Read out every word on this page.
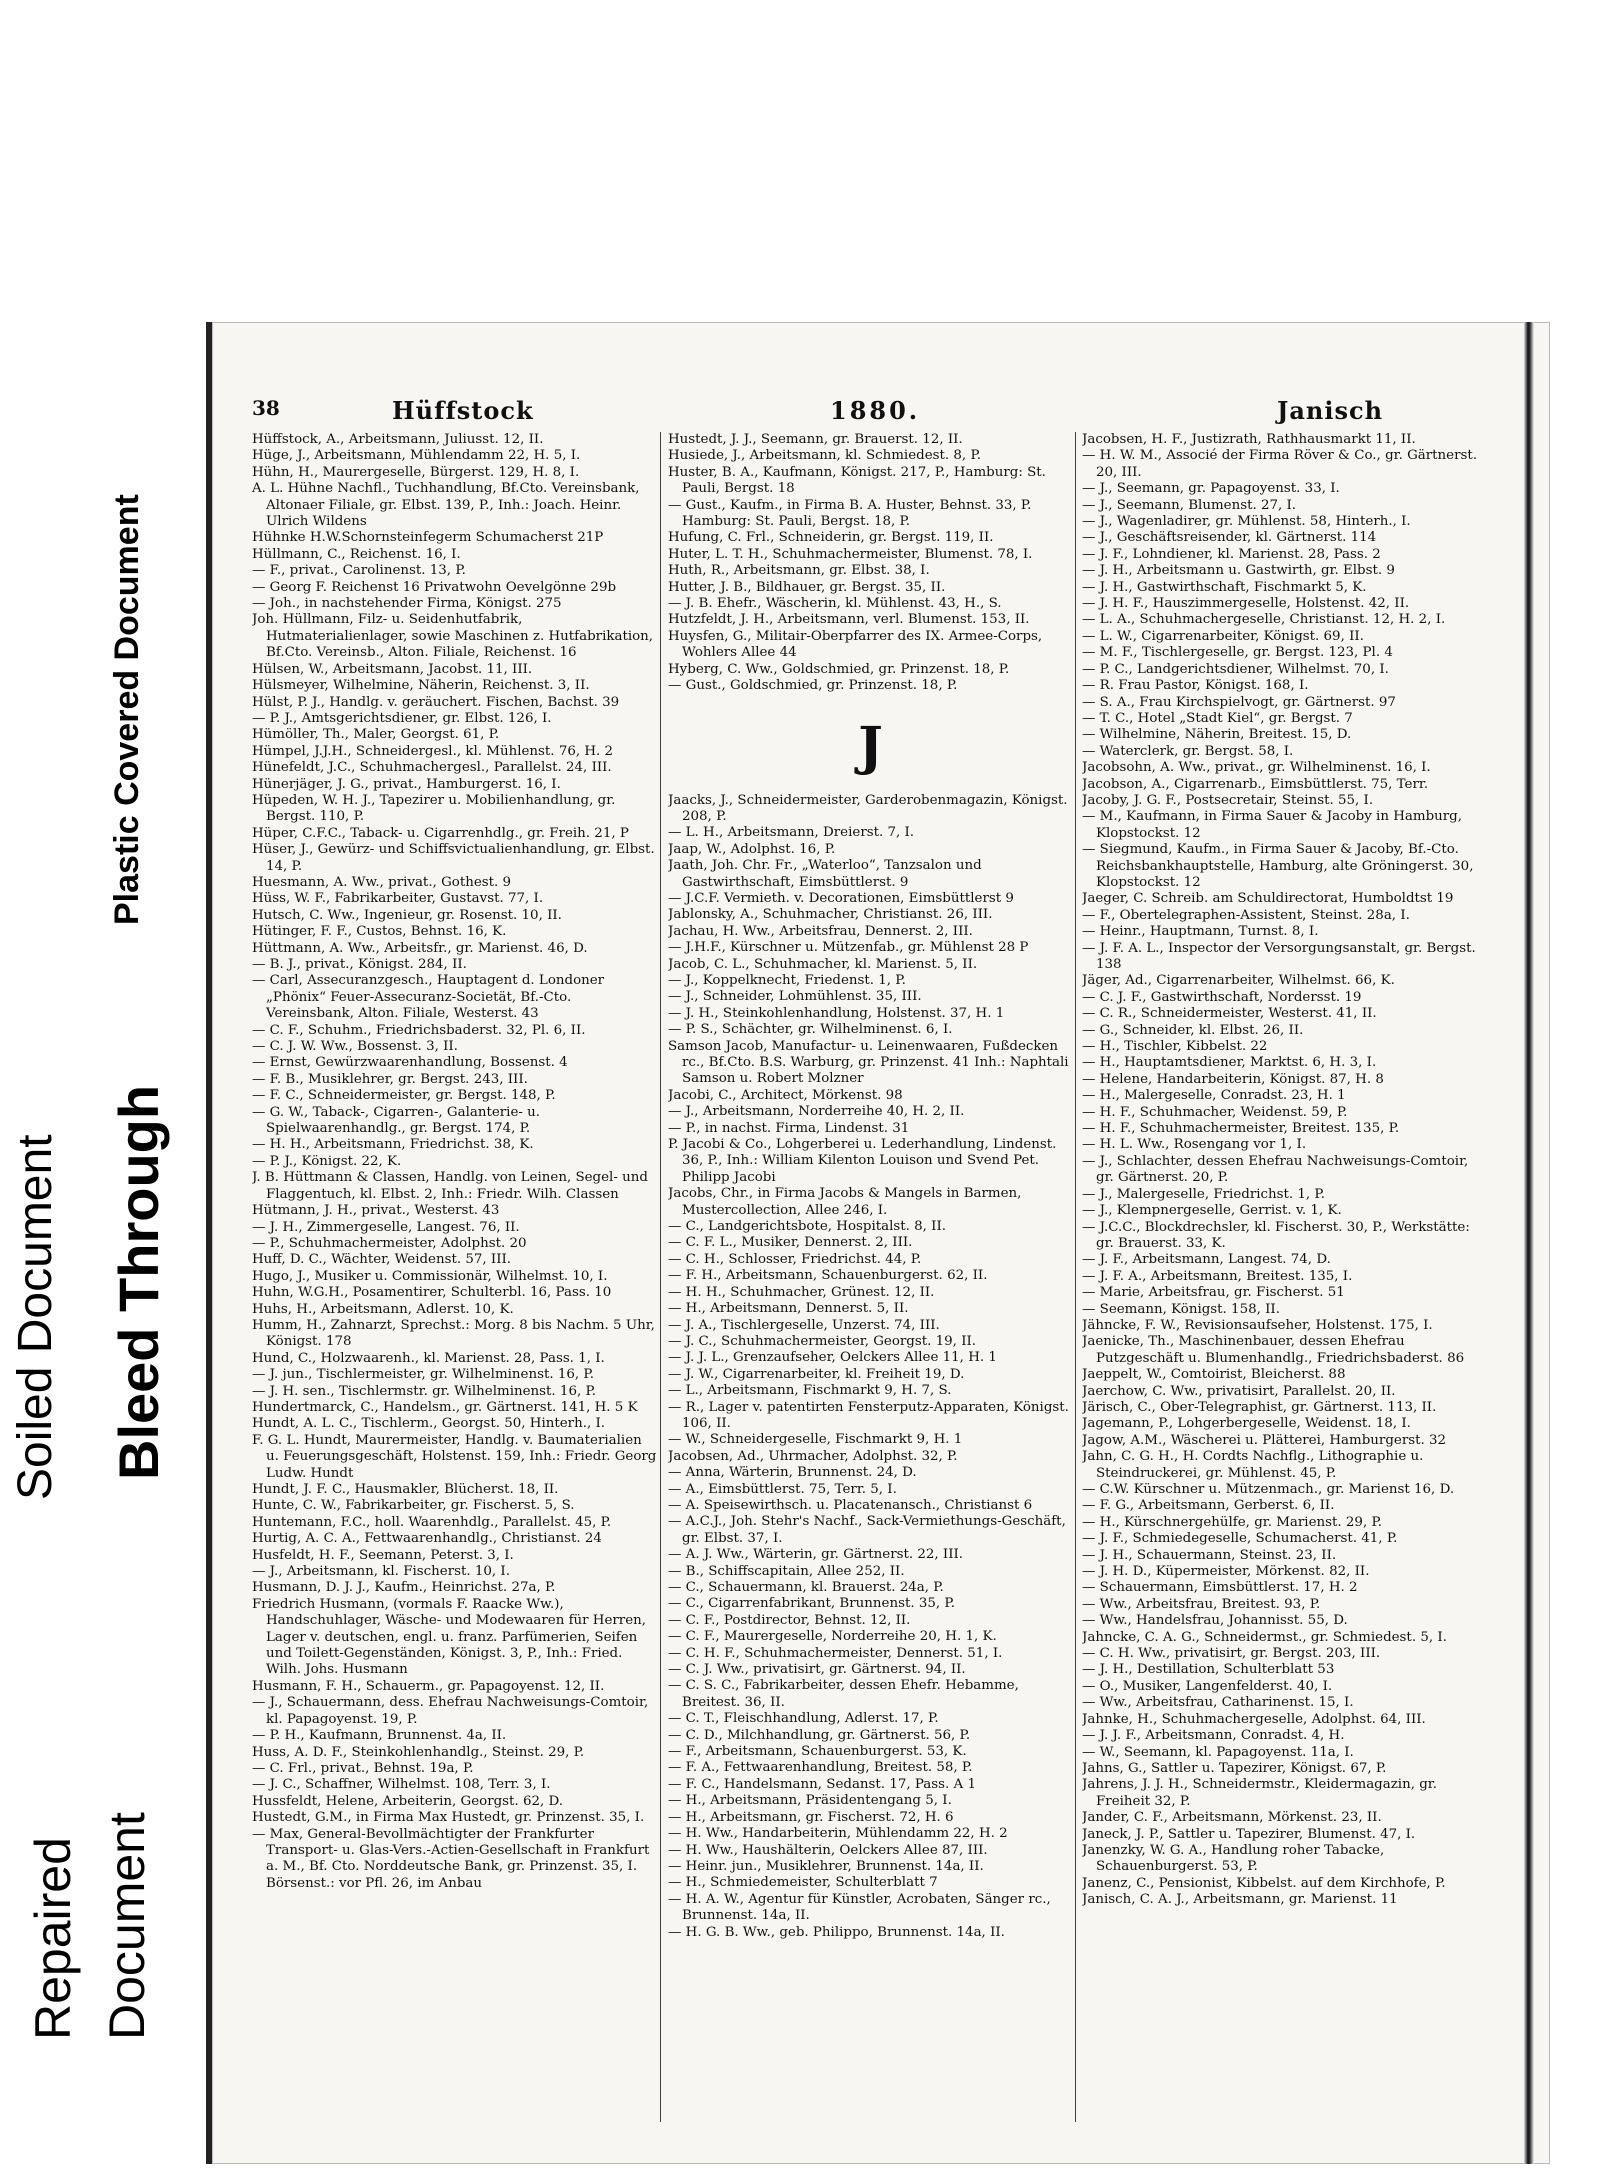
Plastic Covered Document
Soiled Document Bleed Through
Repaired Document
38	Hüffstock	1880.	Janisch

Hüffstock, A., Arbeitsmann, Juliusst. 12, II.

Hüge, J., Arbeitsmann, Mühlendamm 22, H. 5, I.

Hühn, H., Maurergeselle, Bürgerst. 129, H. 8, I.

A. L. Hühne Nachfl., Tuchhandlung, Bf.Cto. Vereinsbank, Altonaer Filiale, gr. Elbst. 139, P., Inh.: Joach. Heinr. Ulrich Wildens

Hühnke H.W.Schornsteinfegerm Schumacherst 21P

Hüllmann, C., Reichenst. 16, I.

— F., privat., Carolinenst. 13, P.

— Georg F. Reichenst 16 Privatwohn Oevelgönne 29b

— Joh., in nachstehender Firma, Königst. 275

Joh. Hüllmann, Filz- u. Seidenhutfabrik, Hutmaterialienlager, sowie Maschinen z. Hutfabrikation, Bf.Cto. Vereinsb., Alton. Filiale, Reichenst. 16

Hülsen, W., Arbeitsmann, Jacobst. 11, III.

Hülsmeyer, Wilhelmine, Näherin, Reichenst. 3, II.

Hülst, P. J., Handlg. v. geräuchert. Fischen, Bachst. 39

— P. J., Amtsgerichtsdiener, gr. Elbst. 126, I.

Hümöller, Th., Maler, Georgst. 61, P.

Hümpel, J.J.H., Schneidergesl., kl. Mühlenst. 76, H. 2

Hünefeldt, J.C., Schuhmachergesl., Parallelst. 24, III.

Hünerjäger, J. G., privat., Hamburgerst. 16, I.

Hüpeden, W. H. J., Tapezirer u. Mobilienhandlung, gr. Bergst. 110, P.

Hüper, C.F.C., Taback- u. Cigarrenhdlg., gr. Freih. 21, P

Hüser, J., Gewürz- und Schiffsvictualienhandlung, gr. Elbst. 14, P.

Huesmann, A. Ww., privat., Gothest. 9

Hüss, W. F., Fabrikarbeiter, Gustavst. 77, I.

Hutsch, C. Ww., Ingenieur, gr. Rosenst. 10, II.

Hütinger, F. F., Custos, Behnst. 16, K.

Hüttmann, A. Ww., Arbeitsfr., gr. Marienst. 46, D.

— B. J., privat., Königst. 284, II.

— Carl, Assecuranzgesch., Hauptagent d. Londoner „Phönix“ Feuer-Assecuranz-Societät, Bf.-Cto. Vereinsbank, Alton. Filiale, Westerst. 43

— C. F., Schuhm., Friedrichsbaderst. 32, Pl. 6, II.

— C. J. W. Ww., Bossenst. 3, II.

— Ernst, Gewürzwaarenhandlung, Bossenst. 4

— F. B., Musiklehrer, gr. Bergst. 243, III.

— F. C., Schneidermeister, gr. Bergst. 148, P.

— G. W., Taback-, Cigarren-, Galanterie- u. Spielwaarenhandlg., gr. Bergst. 174, P.

— H. H., Arbeitsmann, Friedrichst. 38, K.

— P. J., Königst. 22, K.

J. B. Hüttmann & Classen, Handlg. von Leinen, Segel- und Flaggentuch, kl. Elbst. 2, Inh.: Friedr. Wilh. Classen

Hütmann, J. H., privat., Westerst. 43

— J. H., Zimmergeselle, Langest. 76, II.

— P., Schuhmachermeister, Adolphst. 20

Huff, D. C., Wächter, Weidenst. 57, III.

Hugo, J., Musiker u. Commissionär, Wilhelmst. 10, I.

Huhn, W.G.H., Posamentirer, Schulterbl. 16, Pass. 10

Huhs, H., Arbeitsmann, Adlerst. 10, K.

Humm, H., Zahnarzt, Sprechst.: Morg. 8 bis Nachm. 5 Uhr, Königst. 178

Hund, C., Holzwaarenh., kl. Marienst. 28, Pass. 1, I.

— J. jun., Tischlermeister, gr. Wilhelminenst. 16, P.

— J. H. sen., Tischlermstr. gr. Wilhelminenst. 16, P.

Hundertmarck, C., Handelsm., gr. Gärtnerst. 141, H. 5 K

Hundt, A. L. C., Tischlerm., Georgst. 50, Hinterh., I.

F. G. L. Hundt, Maurermeister, Handlg. v. Baumaterialien u. Feuerungsgeschäft, Holstenst. 159, Inh.: Friedr. Georg Ludw. Hundt

Hundt, J. F. C., Hausmakler, Blücherst. 18, II.

Hunte, C. W., Fabrikarbeiter, gr. Fischerst. 5, S.

Huntemann, F.C., holl. Waarenhdlg., Parallelst. 45, P.

Hurtig, A. C. A., Fettwaarenhandlg., Christianst. 24

Husfeldt, H. F., Seemann, Peterst. 3, I.

— J., Arbeitsmann, kl. Fischerst. 10, I.

Husmann, D. J. J., Kaufm., Heinrichst. 27a, P.

Friedrich Husmann, (vormals F. Raacke Ww.), Handschuhlager, Wäsche- und Modewaaren für Herren, Lager v. deutschen, engl. u. franz. Parfümerien, Seifen und Toilett-Gegenständen, Königst. 3, P., Inh.: Fried. Wilh. Johs. Husmann

Husmann, F. H., Schauerm., gr. Papagoyenst. 12, II.

— J., Schauermann, dess. Ehefrau Nachweisungs-Comtoir, kl. Papagoyenst. 19, P.

— P. H., Kaufmann, Brunnenst. 4a, II.

Huss, A. D. F., Steinkohlenhandlg., Steinst. 29, P.

— C. Frl., privat., Behnst. 19a, P.

— J. C., Schaffner, Wilhelmst. 108, Terr. 3, I.

Hussfeldt, Helene, Arbeiterin, Georgst. 62, D.

Hustedt, G.M., in Firma Max Hustedt, gr. Prinzenst. 35, I.

— Max, General-Bevollmächtigter der Frankfurter Transport- u. Glas-Vers.-Actien-Gesellschaft in Frankfurt a. M., Bf. Cto. Norddeutsche Bank, gr. Prinzenst. 35, I. Börsenst.: vor Pfl. 26, im Anbau

Hustedt, J. J., Seemann, gr. Brauerst. 12, II.

Husiede, J., Arbeitsmann, kl. Schmiedest. 8, P.

Huster, B. A., Kaufmann, Königst. 217, P., Hamburg: St. Pauli, Bergst. 18

— Gust., Kaufm., in Firma B. A. Huster, Behnst. 33, P. Hamburg: St. Pauli, Bergst. 18, P.

Hufung, C. Frl., Schneiderin, gr. Bergst. 119, II.

Huter, L. T. H., Schuhmachermeister, Blumenst. 78, I.

Huth, R., Arbeitsmann, gr. Elbst. 38, I.

Hutter, J. B., Bildhauer, gr. Bergst. 35, II.

— J. B. Ehefr., Wäscherin, kl. Mühlenst. 43, H., S.

Hutzfeldt, J. H., Arbeitsmann, verl. Blumenst. 153, II.

Huysfen, G., Militair-Oberpfarrer des IX. Armee-Corps, Wohlers Allee 44

Hyberg, C. Ww., Goldschmied, gr. Prinzenst. 18, P.

— Gust., Goldschmied, gr. Prinzenst. 18, P.

J

Jaacks, J., Schneidermeister, Garderobenmagazin, Königst. 208, P.

— L. H., Arbeitsmann, Dreierst. 7, I.

Jaap, W., Adolphst. 16, P.

Jaath, Joh. Chr. Fr., „Waterloo“, Tanzsalon und Gastwirthschaft, Eimsbüttlerst. 9

— J.C.F. Vermieth. v. Decorationen, Eimsbüttlerst 9

Jablonsky, A., Schuhmacher, Christianst. 26, III.

Jachau, H. Ww., Arbeitsfrau, Dennerst. 2, III.

— J.H.F., Kürschner u. Mützenfab., gr. Mühlenst 28 P

Jacob, C. L., Schuhmacher, kl. Marienst. 5, II.

— J., Koppelknecht, Friedenst. 1, P.

— J., Schneider, Lohmühlenst. 35, III.

— J. H., Steinkohlenhandlung, Holstenst. 37, H. 1

— P. S., Schächter, gr. Wilhelminenst. 6, I.

Samson Jacob, Manufactur- u. Leinenwaaren, Fußdecken rc., Bf.Cto. B.S. Warburg, gr. Prinzenst. 41 Inh.: Naphtali Samson u. Robert Molzner

Jacobi, C., Architect, Mörkenst. 98

— J., Arbeitsmann, Norderreihe 40, H. 2, II.

— P., in nachst. Firma, Lindenst. 31

P. Jacobi & Co., Lohgerberei u. Lederhandlung, Lindenst. 36, P., Inh.: William Kilenton Louison und Svend Pet. Philipp Jacobi

Jacobs, Chr., in Firma Jacobs & Mangels in Barmen, Mustercollection, Allee 246, I.

— C., Landgerichtsbote, Hospitalst. 8, II.

— C. F. L., Musiker, Dennerst. 2, III.

— C. H., Schlosser, Friedrichst. 44, P.

— F. H., Arbeitsmann, Schauenburgerst. 62, II.

— H. H., Schuhmacher, Grünest. 12, II.

— H., Arbeitsmann, Dennerst. 5, II.

— J. A., Tischlergeselle, Unzerst. 74, III.

— J. C., Schuhmachermeister, Georgst. 19, II.

— J. J. L., Grenzaufseher, Oelckers Allee 11, H. 1

— J. W., Cigarrenarbeiter, kl. Freiheit 19, D.

— L., Arbeitsmann, Fischmarkt 9, H. 7, S.

— R., Lager v. patentirten Fensterputz-Apparaten, Königst. 106, II.

— W., Schneidergeselle, Fischmarkt 9, H. 1

Jacobsen, Ad., Uhrmacher, Adolphst. 32, P.

— Anna, Wärterin, Brunnenst. 24, D.

— A., Eimsbüttlerst. 75, Terr. 5, I.

— A. Speisewirthsch. u. Placatenansch., Christianst 6

— A.C.J., Joh. Stehr's Nachf., Sack-Vermiethungs-Geschäft, gr. Elbst. 37, I.

— A. J. Ww., Wärterin, gr. Gärtnerst. 22, III.

— B., Schiffscapitain, Allee 252, II.

— C., Schauermann, kl. Brauerst. 24a, P.

— C., Cigarrenfabrikant, Brunnenst. 35, P.

— C. F., Postdirector, Behnst. 12, II.

— C. F., Maurergeselle, Norderreihe 20, H. 1, K.

— C. H. F., Schuhmachermeister, Dennerst. 51, I.

— C. J. Ww., privatisirt, gr. Gärtnerst. 94, II.

— C. S. C., Fabrikarbeiter, dessen Ehefr. Hebamme, Breitest. 36, II.

— C. T., Fleischhandlung, Adlerst. 17, P.

— C. D., Milchhandlung, gr. Gärtnerst. 56, P.

— F., Arbeitsmann, Schauenburgerst. 53, K.

— F. A., Fettwaarenhandlung, Breitest. 58, P.

— F. C., Handelsmann, Sedanst. 17, Pass. A 1

— H., Arbeitsmann, Präsidentengang 5, I.

— H., Arbeitsmann, gr. Fischerst. 72, H. 6

— H. Ww., Handarbeiterin, Mühlendamm 22, H. 2

— H. Ww., Haushälterin, Oelckers Allee 87, III.

— Heinr. jun., Musiklehrer, Brunnenst. 14a, II.

— H., Schmiedemeister, Schulterblatt 7

— H. A. W., Agentur für Künstler, Acrobaten, Sänger rc., Brunnenst. 14a, II.

— H. G. B. Ww., geb. Philippo, Brunnenst. 14a, II.

Jacobsen, H. F., Justizrath, Rathhausmarkt 11, II.

— H. W. M., Associé der Firma Röver & Co., gr. Gärtnerst. 20, III.

— J., Seemann, gr. Papagoyenst. 33, I.

— J., Seemann, Blumenst. 27, I.

— J., Wagenladirer, gr. Mühlenst. 58, Hinterh., I.

— J., Geschäftsreisender, kl. Gärtnerst. 114

— J. F., Lohndiener, kl. Marienst. 28, Pass. 2

— J. H., Arbeitsmann u. Gastwirth, gr. Elbst. 9

— J. H., Gastwirthschaft, Fischmarkt 5, K.

— J. H. F., Hauszimmergeselle, Holstenst. 42, II.

— L. A., Schuhmachergeselle, Christianst. 12, H. 2, I.

— L. W., Cigarrenarbeiter, Königst. 69, II.

— M. F., Tischlergeselle, gr. Bergst. 123, Pl. 4

— P. C., Landgerichtsdiener, Wilhelmst. 70, I.

— R. Frau Pastor, Königst. 168, I.

— S. A., Frau Kirchspielvogt, gr. Gärtnerst. 97

— T. C., Hotel „Stadt Kiel“, gr. Bergst. 7

— Wilhelmine, Näherin, Breitest. 15, D.

— Waterclerk, gr. Bergst. 58, I.

Jacobsohn, A. Ww., privat., gr. Wilhelminenst. 16, I.

Jacobson, A., Cigarrenarb., Eimsbüttlerst. 75, Terr.

Jacoby, J. G. F., Postsecretair, Steinst. 55, I.

— M., Kaufmann, in Firma Sauer & Jacoby in Hamburg, Klopstockst. 12

— Siegmund, Kaufm., in Firma Sauer & Jacoby, Bf.-Cto. Reichsbankhauptstelle, Hamburg, alte Gröningerst. 30, Klopstockst. 12

Jaeger, C. Schreib. am Schuldirectorat, Humboldtst 19

— F., Obertelegraphen-Assistent, Steinst. 28a, I.

— Heinr., Hauptmann, Turnst. 8, I.

— J. F. A. L., Inspector der Versorgungsanstalt, gr. Bergst. 138

Jäger, Ad., Cigarrenarbeiter, Wilhelmst. 66, K.

— C. J. F., Gastwirthschaft, Nordersst. 19

— C. R., Schneidermeister, Westerst. 41, II.

— G., Schneider, kl. Elbst. 26, II.

— H., Tischler, Kibbelst. 22

— H., Hauptamtsdiener, Marktst. 6, H. 3, I.

— Helene, Handarbeiterin, Königst. 87, H. 8

— H., Malergeselle, Conradst. 23, H. 1

— H. F., Schuhmacher, Weidenst. 59, P.

— H. F., Schuhmachermeister, Breitest. 135, P.

— H. L. Ww., Rosengang vor 1, I.

— J., Schlachter, dessen Ehefrau Nachweisungs-Comtoir, gr. Gärtnerst. 20, P.

— J., Malergeselle, Friedrichst. 1, P.

— J., Klempnergeselle, Gerrist. v. 1, K.

— J.C.C., Blockdrechsler, kl. Fischerst. 30, P., Werkstätte: gr. Brauerst. 33, K.

— J. F., Arbeitsmann, Langest. 74, D.

— J. F. A., Arbeitsmann, Breitest. 135, I.

— Marie, Arbeitsfrau, gr. Fischerst. 51

— Seemann, Königst. 158, II.

Jähncke, F. W., Revisionsaufseher, Holstenst. 175, I.

Jaenicke, Th., Maschinenbauer, dessen Ehefrau Putzgeschäft u. Blumenhandlg., Friedrichsbaderst. 86

Jaeppelt, W., Comtoirist, Bleicherst. 88

Jaerchow, C. Ww., privatisirt, Parallelst. 20, II.

Järisch, C., Ober-Telegraphist, gr. Gärtnerst. 113, II.

Jagemann, P., Lohgerbergeselle, Weidenst. 18, I.

Jagow, A.M., Wäscherei u. Plätterei, Hamburgerst. 32

Jahn, C. G. H., H. Cordts Nachflg., Lithographie u. Steindruckerei, gr. Mühlenst. 45, P.

— C.W. Kürschner u. Mützenmach., gr. Marienst 16, D.

— F. G., Arbeitsmann, Gerberst. 6, II.

— H., Kürschnergehülfe, gr. Marienst. 29, P.

— J. F., Schmiedegeselle, Schumacherst. 41, P.

— J. H., Schauermann, Steinst. 23, II.

— J. H. D., Küpermeister, Mörkenst. 82, II.

— Schauermann, Eimsbüttlerst. 17, H. 2

— Ww., Arbeitsfrau, Breitest. 93, P.

— Ww., Handelsfrau, Johannisst. 55, D.

Jahncke, C. A. G., Schneidermst., gr. Schmiedest. 5, I.

— C. H. Ww., privatisirt, gr. Bergst. 203, III.

— J. H., Destillation, Schulterblatt 53

— O., Musiker, Langenfelderst. 40, I.

— Ww., Arbeitsfrau, Catharinenst. 15, I.

Jahnke, H., Schuhmachergeselle, Adolphst. 64, III.

— J. J. F., Arbeitsmann, Conradst. 4, H.

— W., Seemann, kl. Papagoyenst. 11a, I.

Jahns, G., Sattler u. Tapezirer, Königst. 67, P.

Jahrens, J. J. H., Schneidermstr., Kleidermagazin, gr. Freiheit 32, P.

Jander, C. F., Arbeitsmann, Mörkenst. 23, II.

Janeck, J. P., Sattler u. Tapezirer, Blumenst. 47, I.

Janenzky, W. G. A., Handlung roher Tabacke, Schauenburgerst. 53, P.

Janenz, C., Pensionist, Kibbelst. auf dem Kirchhofe, P.

Janisch, C. A. J., Arbeitsmann, gr. Marienst. 11
